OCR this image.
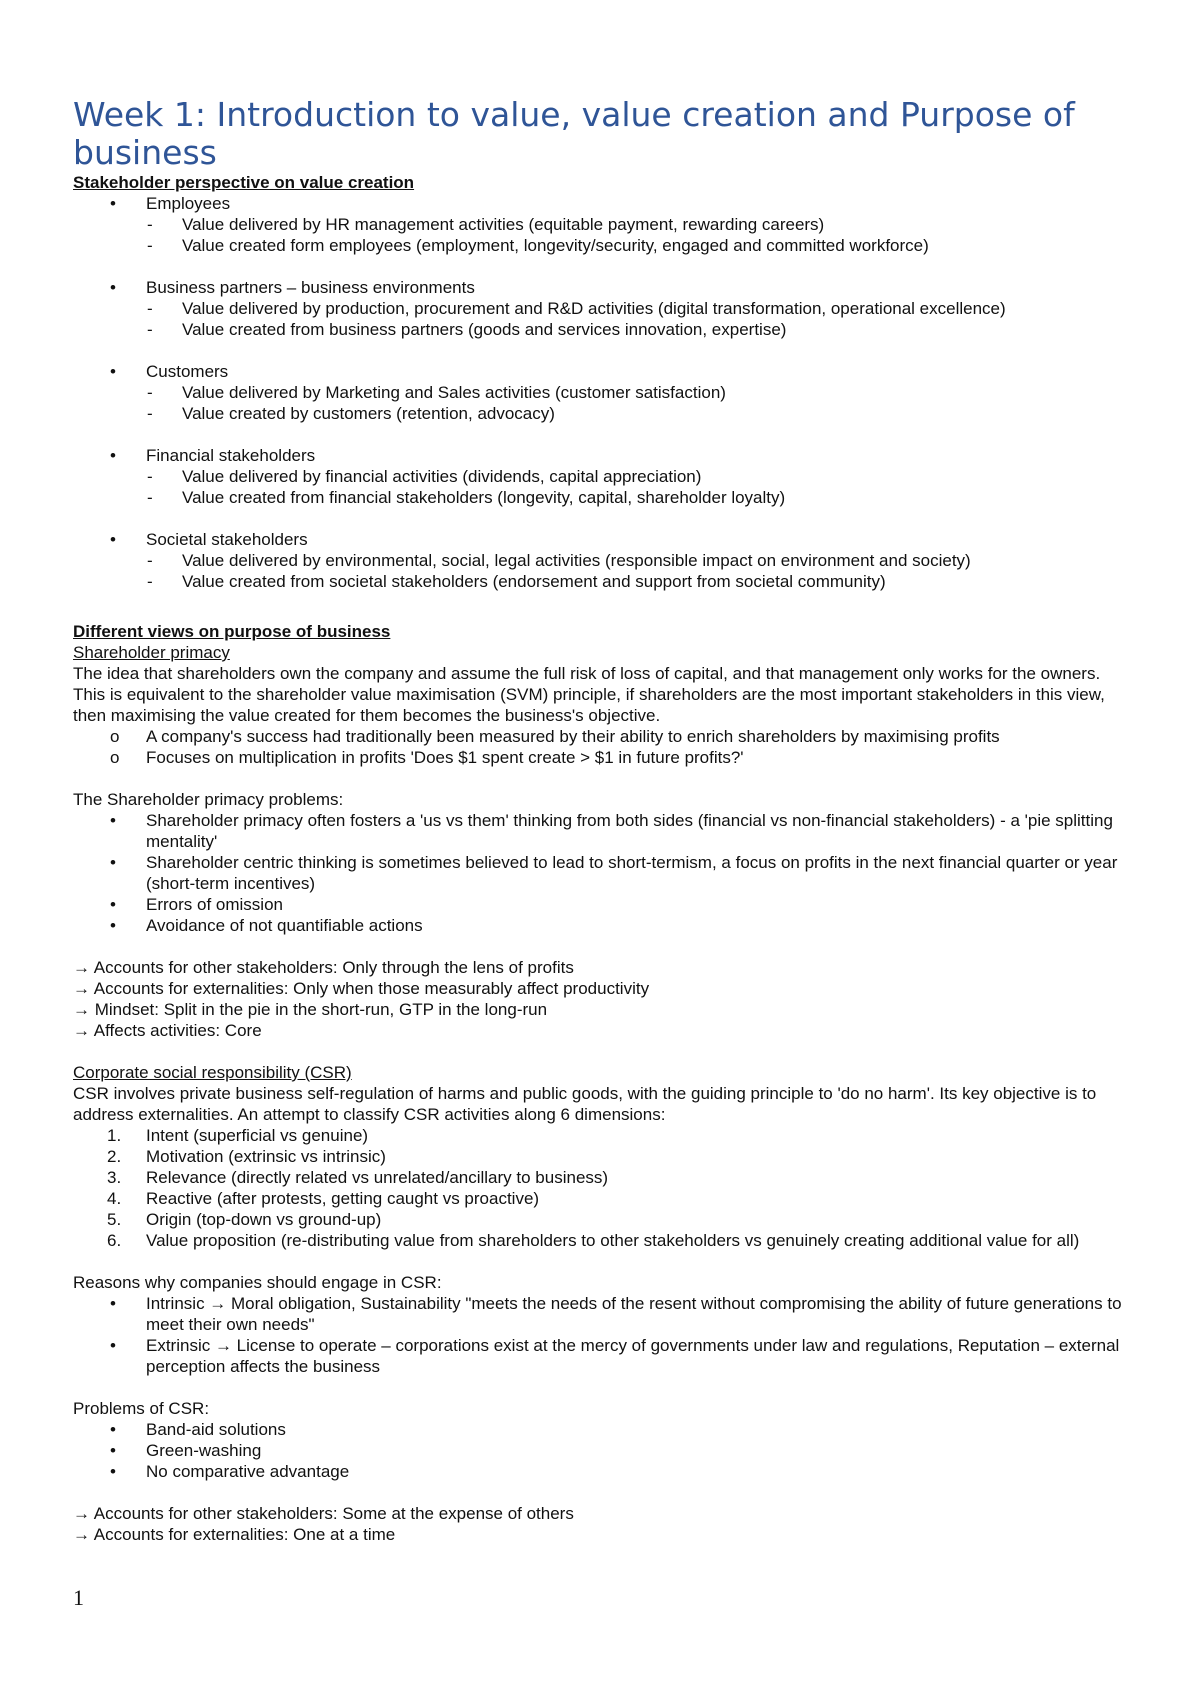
Week 1: Introduction to value, value creation and Purpose of business

Stakeholder perspective on value creation

•	Employees
- Value delivered by HR management activities (equitable payment, rewarding careers)
- Value created form employees (employment, longevity/security, engaged and committed workforce)
•	Business partners – business environments
- Value delivered by production, procurement and R&D activities (digital transformation, operational excellence)
- Value created from business partners (goods and services innovation, expertise)
•	Customers
- Value delivered by Marketing and Sales activities (customer satisfaction)
- Value created by customers (retention, advocacy)
•	Financial stakeholders
- Value delivered by financial activities (dividends, capital appreciation)
- Value created from financial stakeholders (longevity, capital, shareholder loyalty)
•	Societal stakeholders
- Value delivered by environmental, social, legal activities (responsible impact on environment and society)
- Value created from societal stakeholders (endorsement and support from societal community)

Different views on purpose of business

Shareholder primacy

The idea that shareholders own the company and assume the full risk of loss of capital, and that management only works for the owners. This is equivalent to the shareholder value maximisation (SVM) principle, if shareholders are the most important stakeholders in this view, then maximising the value created for them becomes the business's objective.

o	A company's success had traditionally been measured by their ability to enrich shareholders by maximising profits
o	Focuses on multiplication in profits 'Does $1 spent create > $1 in future profits?'

The Shareholder primacy problems:

•	Shareholder primacy often fosters a 'us vs them' thinking from both sides (financial vs non-financial stakeholders) - a 'pie splitting mentality'
•	Shareholder centric thinking is sometimes believed to lead to short-termism, a focus on profits in the next financial quarter or year (short-term incentives)
•	Errors of omission
•	Avoidance of not quantifiable actions

→ Accounts for other stakeholders: Only through the lens of profits

→ Accounts for externalities: Only when those measurably affect productivity

→ Mindset: Split in the pie in the short-run, GTP in the long-run

→ Affects activities: Core

Corporate social responsibility (CSR)

CSR involves private business self-regulation of harms and public goods, with the guiding principle to 'do no harm'. Its key objective is to address externalities. An attempt to classify CSR activities along 6 dimensions:

1. Intent (superficial vs genuine)
2. Motivation (extrinsic vs intrinsic)
3. Relevance (directly related vs unrelated/ancillary to business)
4. Reactive (after protests, getting caught vs proactive)
5. Origin (top-down vs ground-up)
6. Value proposition (re-distributing value from shareholders to other stakeholders vs genuinely creating additional value for all)

Reasons why companies should engage in CSR:

•	Intrinsic → Moral obligation, Sustainability "meets the needs of the resent without compromising the ability of future generations to meet their own needs"
•	Extrinsic → License to operate – corporations exist at the mercy of governments under law and regulations, Reputation – external perception affects the business

Problems of CSR:

•	Band-aid solutions
•	Green-washing
•	No comparative advantage

→ Accounts for other stakeholders: Some at the expense of others

→ Accounts for externalities: One at a time

1
